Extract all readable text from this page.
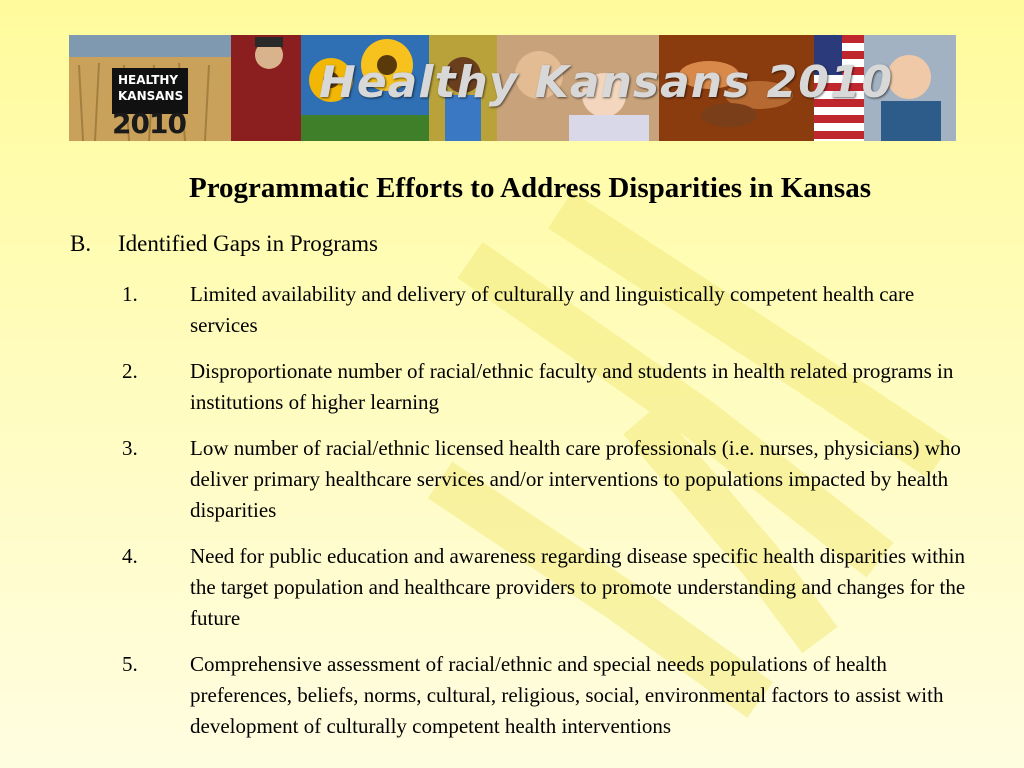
HEALTHY
KANSANS
2010
Healthy Kansans 2010
Programmatic Efforts to Address Disparities in Kansas
B. Identified Gaps in Programs
1. Limited availability and delivery of culturally and linguistically competent health care services
2. Disproportionate number of racial/ethnic faculty and students in health related programs in institutions of higher learning
3. Low number of racial/ethnic licensed health care professionals (i.e. nurses, physicians) who deliver primary healthcare services and/or interventions to populations impacted by health disparities
4. Need for public education and awareness regarding disease specific health disparities within the target population and healthcare providers to promote understanding and changes for the future
5. Comprehensive assessment of racial/ethnic and special needs populations of health preferences, beliefs, norms, cultural, religious, social, environmental factors to assist with development of culturally competent health interventions
